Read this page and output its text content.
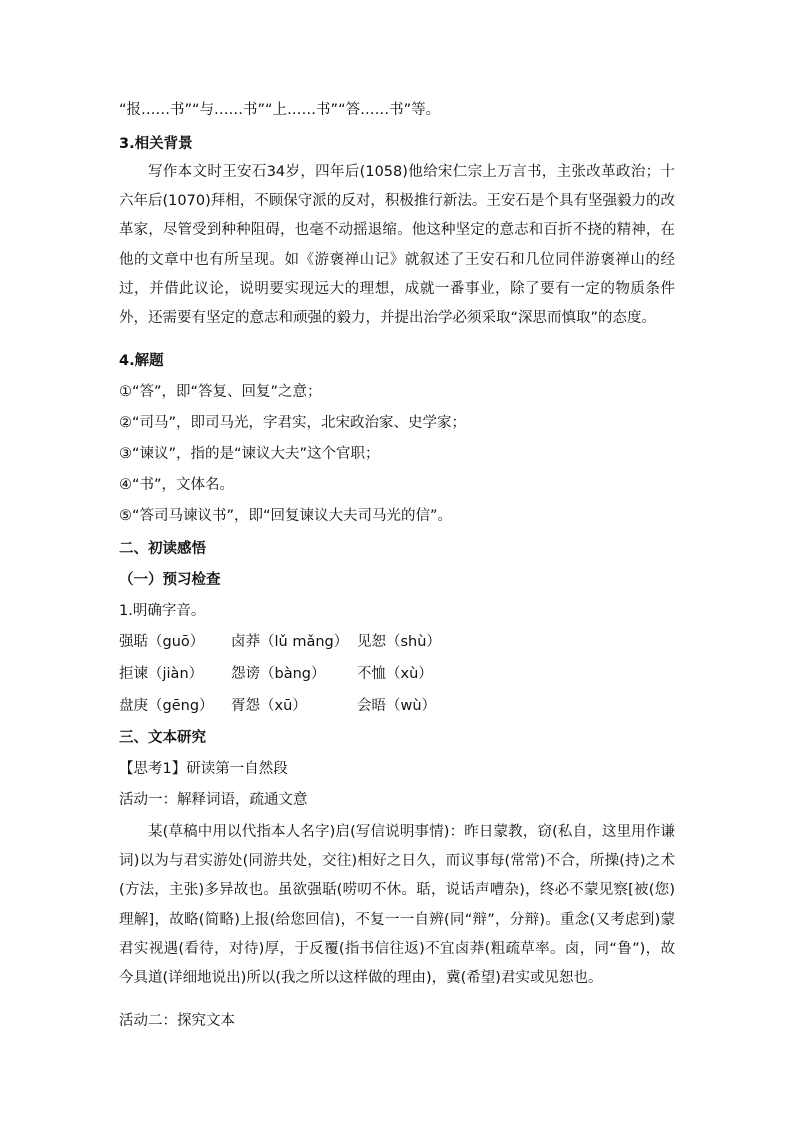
“报……书”“与……书”“上……书”“答……书”等。
3.相关背景

写作本文时王安石34岁，四年后(1058)他给宋仁宗上万言书，主张改革政治；十六年后(1070)拜相，不顾保守派的反对，积极推行新法。王安石是个具有坚强毅力的改革家，尽管受到种种阻碍，也毫不动摇退缩。他这种坚定的意志和百折不挠的精神，在他的文章中也有所呈现。如《游褒禅山记》就叙述了王安石和几位同伴游褒禅山的经过，并借此议论，说明要实现远大的理想，成就一番事业，除了要有一定的物质条件外，还需要有坚定的意志和顽强的毅力，并提出治学必须采取“深思而慎取”的态度。

4.解题
①“答”，即“答复、回复”之意；
②“司马”，即司马光，字君实，北宋政治家、史学家；
③“谏议”，指的是“谏议大夫”这个官职；
④“书”，文体名。
⑤“答司马谏议书”，即“回复谏议大夫司马光的信”。
二、初读感悟
（一）预习检查
1.明确字音。
强聒（guō） 卤莽（lǔ mǎng） 见恕（shù）
拒谏（jiàn） 怨谤（bàng） 不恤（xù）
盘庚（gēng） 胥怨（xū）	会晤（wù）
三、文本研究
【思考1】研读第一自然段
活动一：解释词语，疏通文意

某(草稿中用以代指本人名字)启(写信说明事情)：昨日蒙教，窃(私自，这里用作谦词)以为与君实游处(同游共处，交往)相好之日久，而议事每(常常)不合，所操(持)之术(方法，主张)多异故也。虽欲强聒(唠叨不休。聒，说话声嘈杂)，终必不蒙见察[被(您)理解]，故略(简略)上报(给您回信)，不复一一自辨(同“辩”，分辩)。重念(又考虑到)蒙君实视遇(看待，对待)厚，于反覆(指书信往返)不宜卤莽(粗疏草率。卤，同“鲁”)，故今具道(详细地说出)所以(我之所以这样做的理由)，冀(希望)君实或见恕也。

活动二：探究文本
